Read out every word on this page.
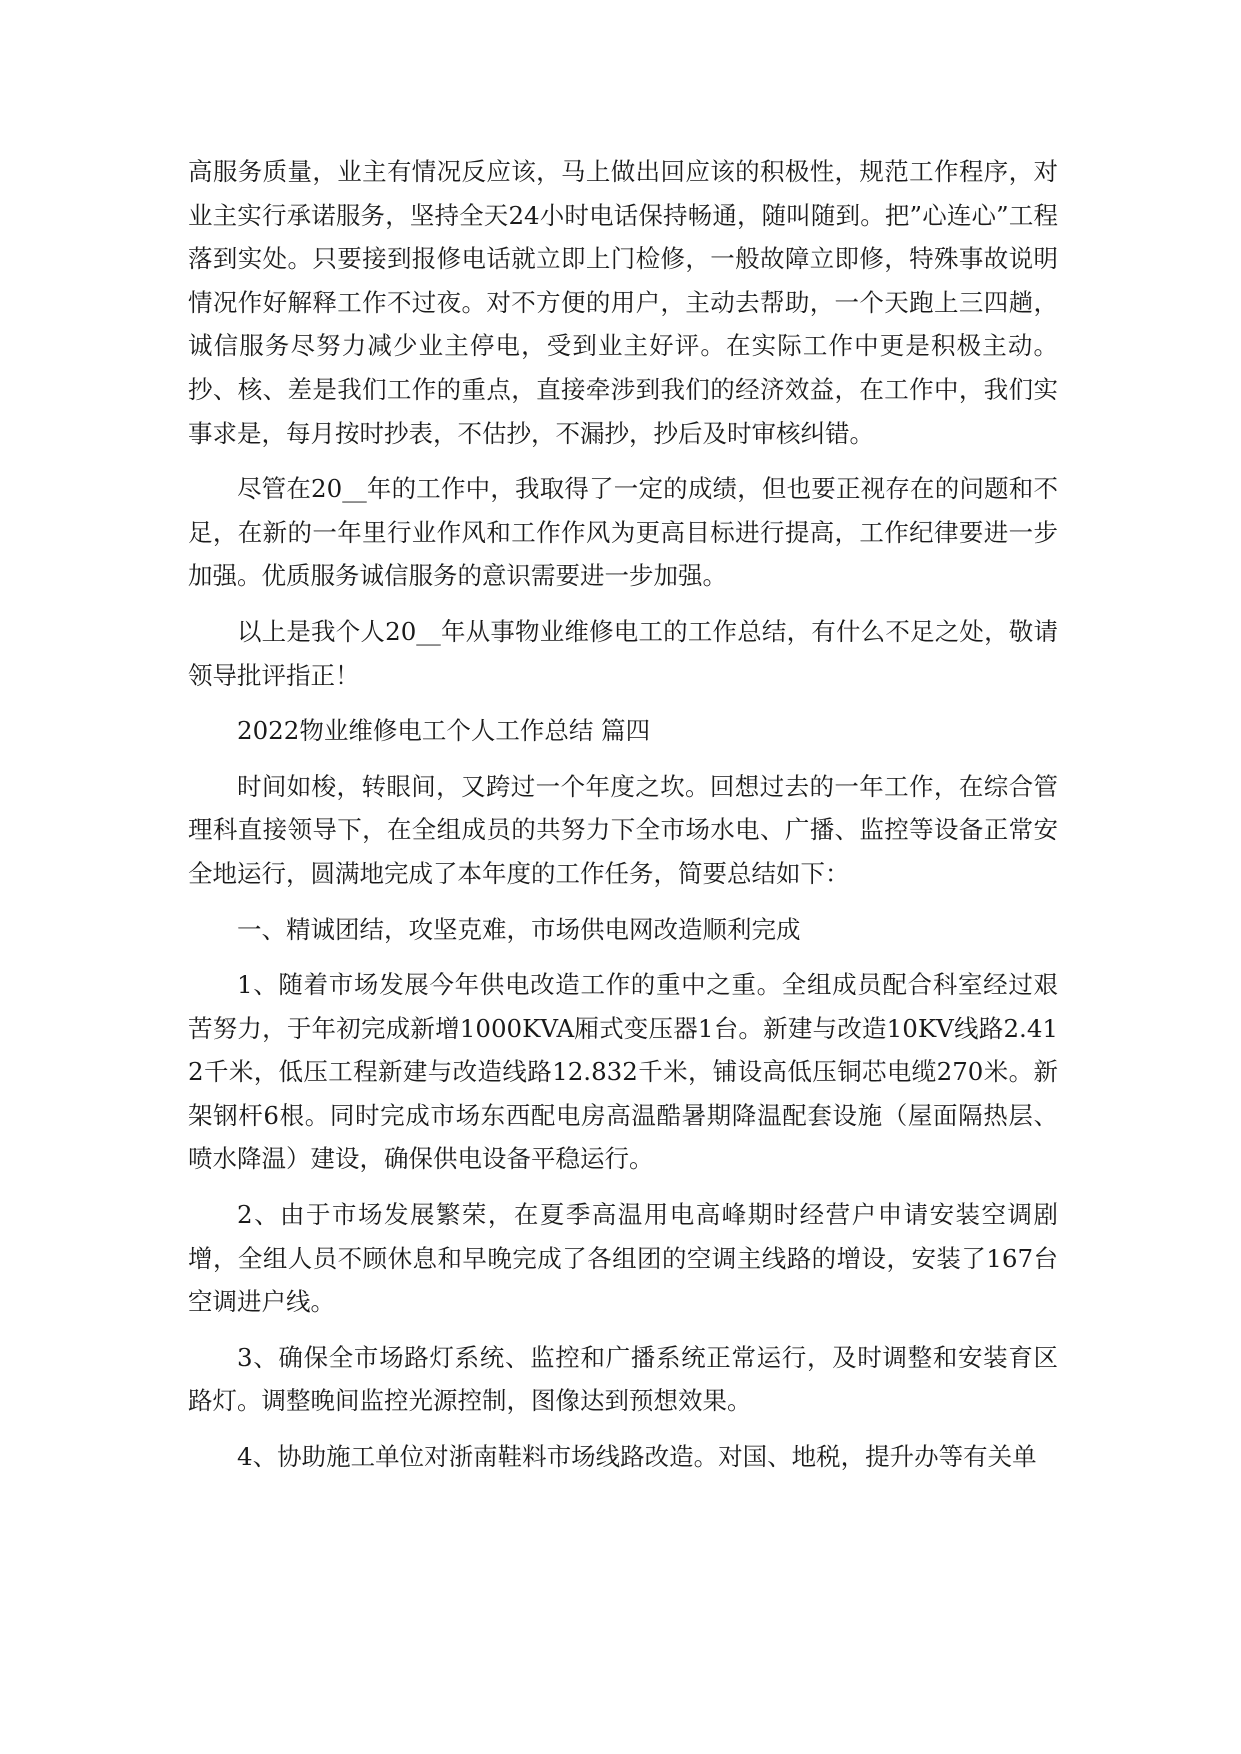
高服务质量，业主有情况反应该，马上做出回应该的积极性，规范工作程序，对业主实行承诺服务，坚持全天24小时电话保持畅通，随叫随到。把”心连心”工程落到实处。只要接到报修电话就立即上门检修，一般故障立即修，特殊事故说明情况作好解释工作不过夜。对不方便的用户，主动去帮助，一个天跑上三四趟，诚信服务尽努力减少业主停电，受到业主好评。在实际工作中更是积极主动。抄、核、差是我们工作的重点，直接牵涉到我们的经济效益，在工作中，我们实事求是，每月按时抄表，不估抄，不漏抄，抄后及时审核纠错。

尽管在20__年的工作中，我取得了一定的成绩，但也要正视存在的问题和不足，在新的一年里行业作风和工作作风为更高目标进行提高，工作纪律要进一步加强。优质服务诚信服务的意识需要进一步加强。

以上是我个人20__年从事物业维修电工的工作总结，有什么不足之处，敬请领导批评指正！

2022物业维修电工个人工作总结 篇四

时间如梭，转眼间，又跨过一个年度之坎。回想过去的一年工作，在综合管理科直接领导下，在全组成员的共努力下全市场水电、广播、监控等设备正常安全地运行，圆满地完成了本年度的工作任务，简要总结如下：

一、精诚团结，攻坚克难，市场供电网改造顺利完成

1、随着市场发展今年供电改造工作的重中之重。全组成员配合科室经过艰苦努力，于年初完成新增1000KVA厢式变压器1台。新建与改造10KV线路2.412千米，低压工程新建与改造线路12.832千米，铺设高低压铜芯电缆270米。新架钢杆6根。同时完成市场东西配电房高温酷暑期降温配套设施（屋面隔热层、喷水降温）建设，确保供电设备平稳运行。

2、由于市场发展繁荣，在夏季高温用电高峰期时经营户申请安装空调剧增，全组人员不顾休息和早晚完成了各组团的空调主线路的增设，安装了167台空调进户线。

3、确保全市场路灯系统、监控和广播系统正常运行，及时调整和安装育区路灯。调整晚间监控光源控制，图像达到预想效果。

4、协助施工单位对浙南鞋料市场线路改造。对国、地税，提升办等有关单
